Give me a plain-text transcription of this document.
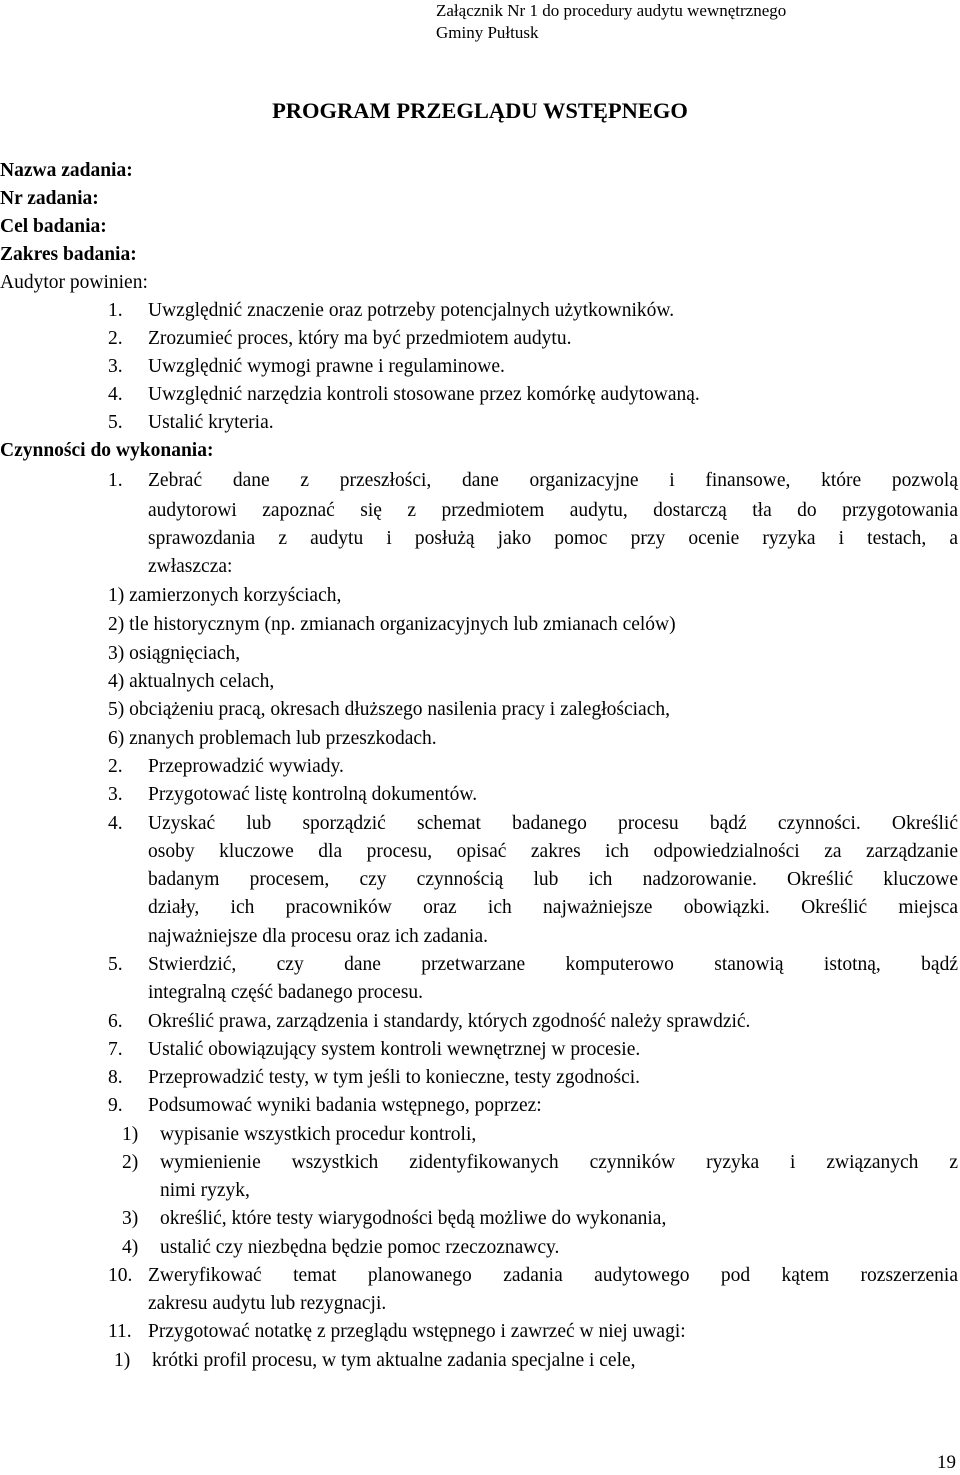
Załącznik Nr 1 do procedury audytu wewnętrznego
Gminy Pułtusk
PROGRAM PRZEGLĄDU WSTĘPNEGO
Nazwa zadania:
Nr zadania:
Cel badania:
Zakres badania:
Audytor powinien:
1. Uwzględnić znaczenie oraz potrzeby potencjalnych użytkowników.
2. Zrozumieć proces, który ma być przedmiotem audytu.
3. Uwzględnić wymogi prawne i regulaminowe.
4. Uwzględnić narzędzia kontroli stosowane przez komórkę audytowaną.
5. Ustalić kryteria.
Czynności do wykonania:
1. Zebrać dane z przeszłości, dane organizacyjne i finansowe, które pozwolą
audytorowi zapoznać się z przedmiotem audytu, dostarczą tła do przygotowania
sprawozdania z audytu i posłużą jako pomoc przy ocenie ryzyka i testach, a
zwłaszcza:
1) zamierzonych korzyściach,
2) tle historycznym (np. zmianach organizacyjnych lub zmianach celów)
3) osiągnięciach,
4) aktualnych celach,
5) obciążeniu pracą, okresach dłuższego nasilenia pracy i zaległościach,
6) znanych problemach lub przeszkodach.
2. Przeprowadzić wywiady.
3. Przygotować listę kontrolną dokumentów.
4. Uzyskać lub sporządzić schemat badanego procesu bądź czynności. Określić
osoby kluczowe dla procesu, opisać zakres ich odpowiedzialności za zarządzanie
badanym procesem, czy czynnością lub ich nadzorowanie. Określić kluczowe
działy, ich pracowników oraz ich najważniejsze obowiązki. Określić miejsca
najważniejsze dla procesu oraz ich zadania.
5. Stwierdzić, czy dane przetwarzane komputerowo stanowią istotną, bądź
integralną część badanego procesu.
6. Określić prawa, zarządzenia i standardy, których zgodność należy sprawdzić.
7. Ustalić obowiązujący system kontroli wewnętrznej w procesie.
8. Przeprowadzić testy, w tym jeśli to konieczne, testy zgodności.
9. Podsumować wyniki badania wstępnego, poprzez:
1) wypisanie wszystkich procedur kontroli,
2) wymienienie wszystkich zidentyfikowanych czynników ryzyka i związanych z
nimi ryzyk,
3) określić, które testy wiarygodności będą możliwe do wykonania,
4) ustalić czy niezbędna będzie pomoc rzeczoznawcy.
10. Zweryfikować temat planowanego zadania audytowego pod kątem rozszerzenia
zakresu audytu lub rezygnacji.
11. Przygotować notatkę z przeglądu wstępnego i zawrzeć w niej uwagi:
1) krótki profil procesu, w tym aktualne zadania specjalne i cele,
19
